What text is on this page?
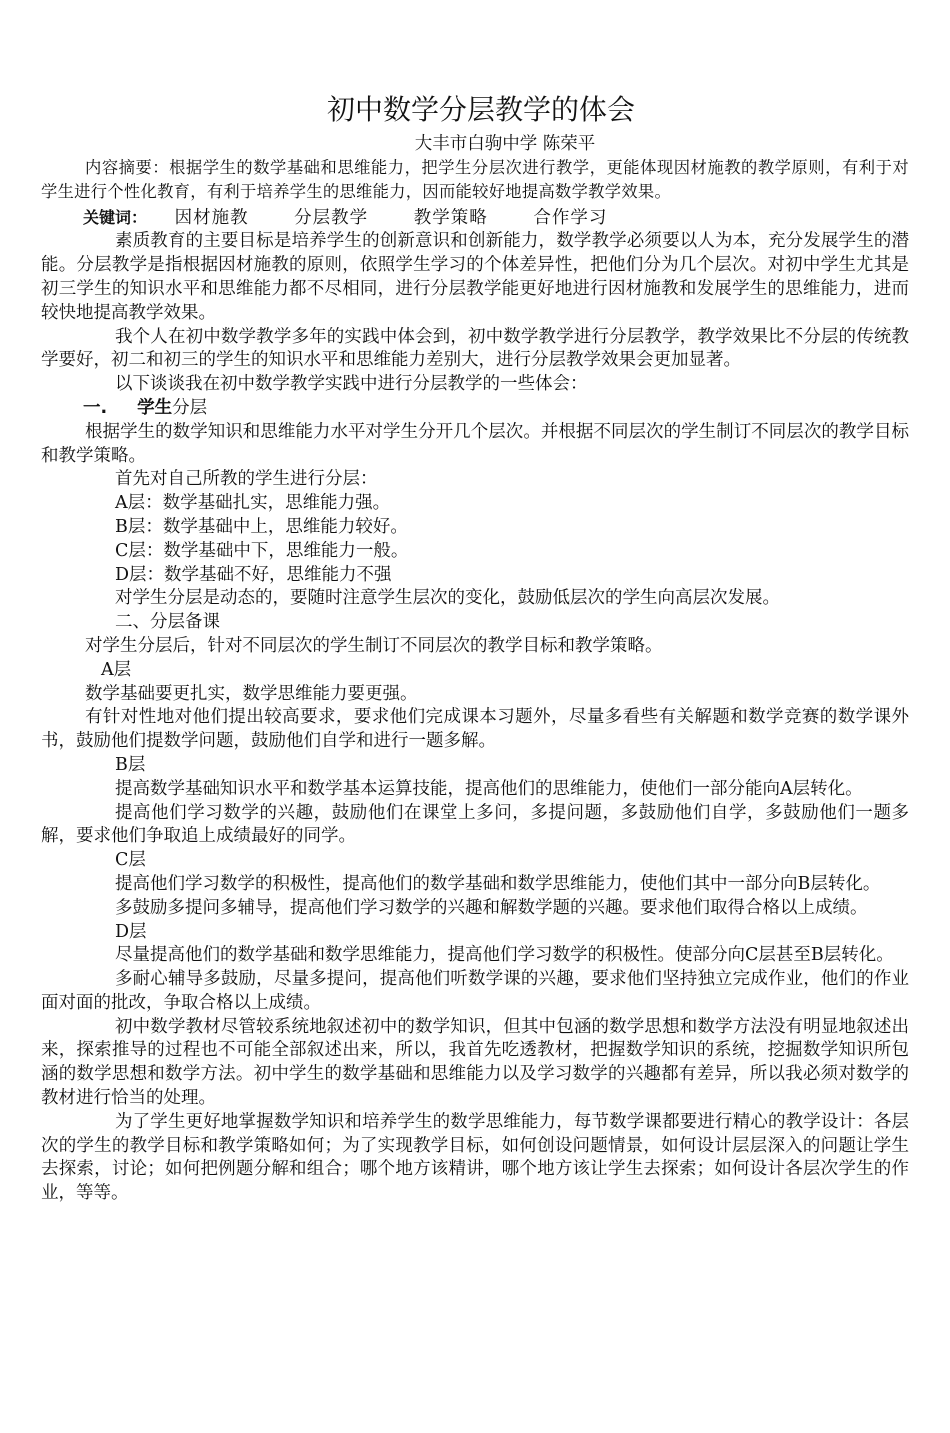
初中数学分层教学的体会
大丰市白驹中学 陈荣平

内容摘要：根据学生的数学基础和思维能力，把学生分层次进行教学，更能体现因材施教的教学原则，有利于对学生进行个性化教育，有利于培养学生的思维能力，因而能较好地提高数学教学效果。

关键词： 因材施教	分层教学	教学策略	合作学习

素质教育的主要目标是培养学生的创新意识和创新能力，数学教学必须要以人为本，充分发展学生的潜能。分层教学是指根据因材施教的原则，依照学生学习的个体差异性，把他们分为几个层次。对初中学生尤其是初三学生的知识水平和思维能力都不尽相同，进行分层教学能更好地进行因材施教和发展学生的思维能力，进而较快地提高教学效果。

我个人在初中数学教学多年的实践中体会到，初中数学教学进行分层教学，教学效果比不分层的传统教学要好，初二和初三的学生的知识水平和思维能力差别大，进行分层教学效果会更加显著。

以下谈谈我在初中数学教学实践中进行分层教学的一些体会：

一. 学生分层

根据学生的数学知识和思维能力水平对学生分开几个层次。并根据不同层次的学生制订不同层次的教学目标和教学策略。

首先对自己所教的学生进行分层：

A层：数学基础扎实，思维能力强。

B层：数学基础中上，思维能力较好。

C层：数学基础中下，思维能力一般。

D层：数学基础不好，思维能力不强

对学生分层是动态的，要随时注意学生层次的变化，鼓励低层次的学生向高层次发展。

二、分层备课

对学生分层后，针对不同层次的学生制订不同层次的教学目标和教学策略。

A层

数学基础要更扎实，数学思维能力要更强。

有针对性地对他们提出较高要求，要求他们完成课本习题外，尽量多看些有关解题和数学竞赛的数学课外书，鼓励他们提数学问题，鼓励他们自学和进行一题多解。

B层

提高数学基础知识水平和数学基本运算技能，提高他们的思维能力，使他们一部分能向A层转化。

提高他们学习数学的兴趣，鼓励他们在课堂上多问，多提问题，多鼓励他们自学，多鼓励他们一题多解，要求他们争取追上成绩最好的同学。

C层

提高他们学习数学的积极性，提高他们的数学基础和数学思维能力，使他们其中一部分向B层转化。

多鼓励多提问多辅导，提高他们学习数学的兴趣和解数学题的兴趣。要求他们取得合格以上成绩。

D层

尽量提高他们的数学基础和数学思维能力，提高他们学习数学的积极性。使部分向C层甚至B层转化。

多耐心辅导多鼓励，尽量多提问，提高他们听数学课的兴趣，要求他们坚持独立完成作业，他们的作业面对面的批改，争取合格以上成绩。

初中数学教材尽管较系统地叙述初中的数学知识，但其中包涵的数学思想和数学方法没有明显地叙述出来，探索推导的过程也不可能全部叙述出来，所以，我首先吃透教材，把握数学知识的系统，挖掘数学知识所包涵的数学思想和数学方法。初中学生的数学基础和思维能力以及学习数学的兴趣都有差异，所以我必须对数学的教材进行恰当的处理。

为了学生更好地掌握数学知识和培养学生的数学思维能力，每节数学课都要进行精心的教学设计：各层次的学生的教学目标和教学策略如何；为了实现教学目标，如何创设问题情景，如何设计层层深入的问题让学生去探索，讨论；如何把例题分解和组合；哪个地方该精讲，哪个地方该让学生去探索；如何设计各层次学生的作业，等等。
